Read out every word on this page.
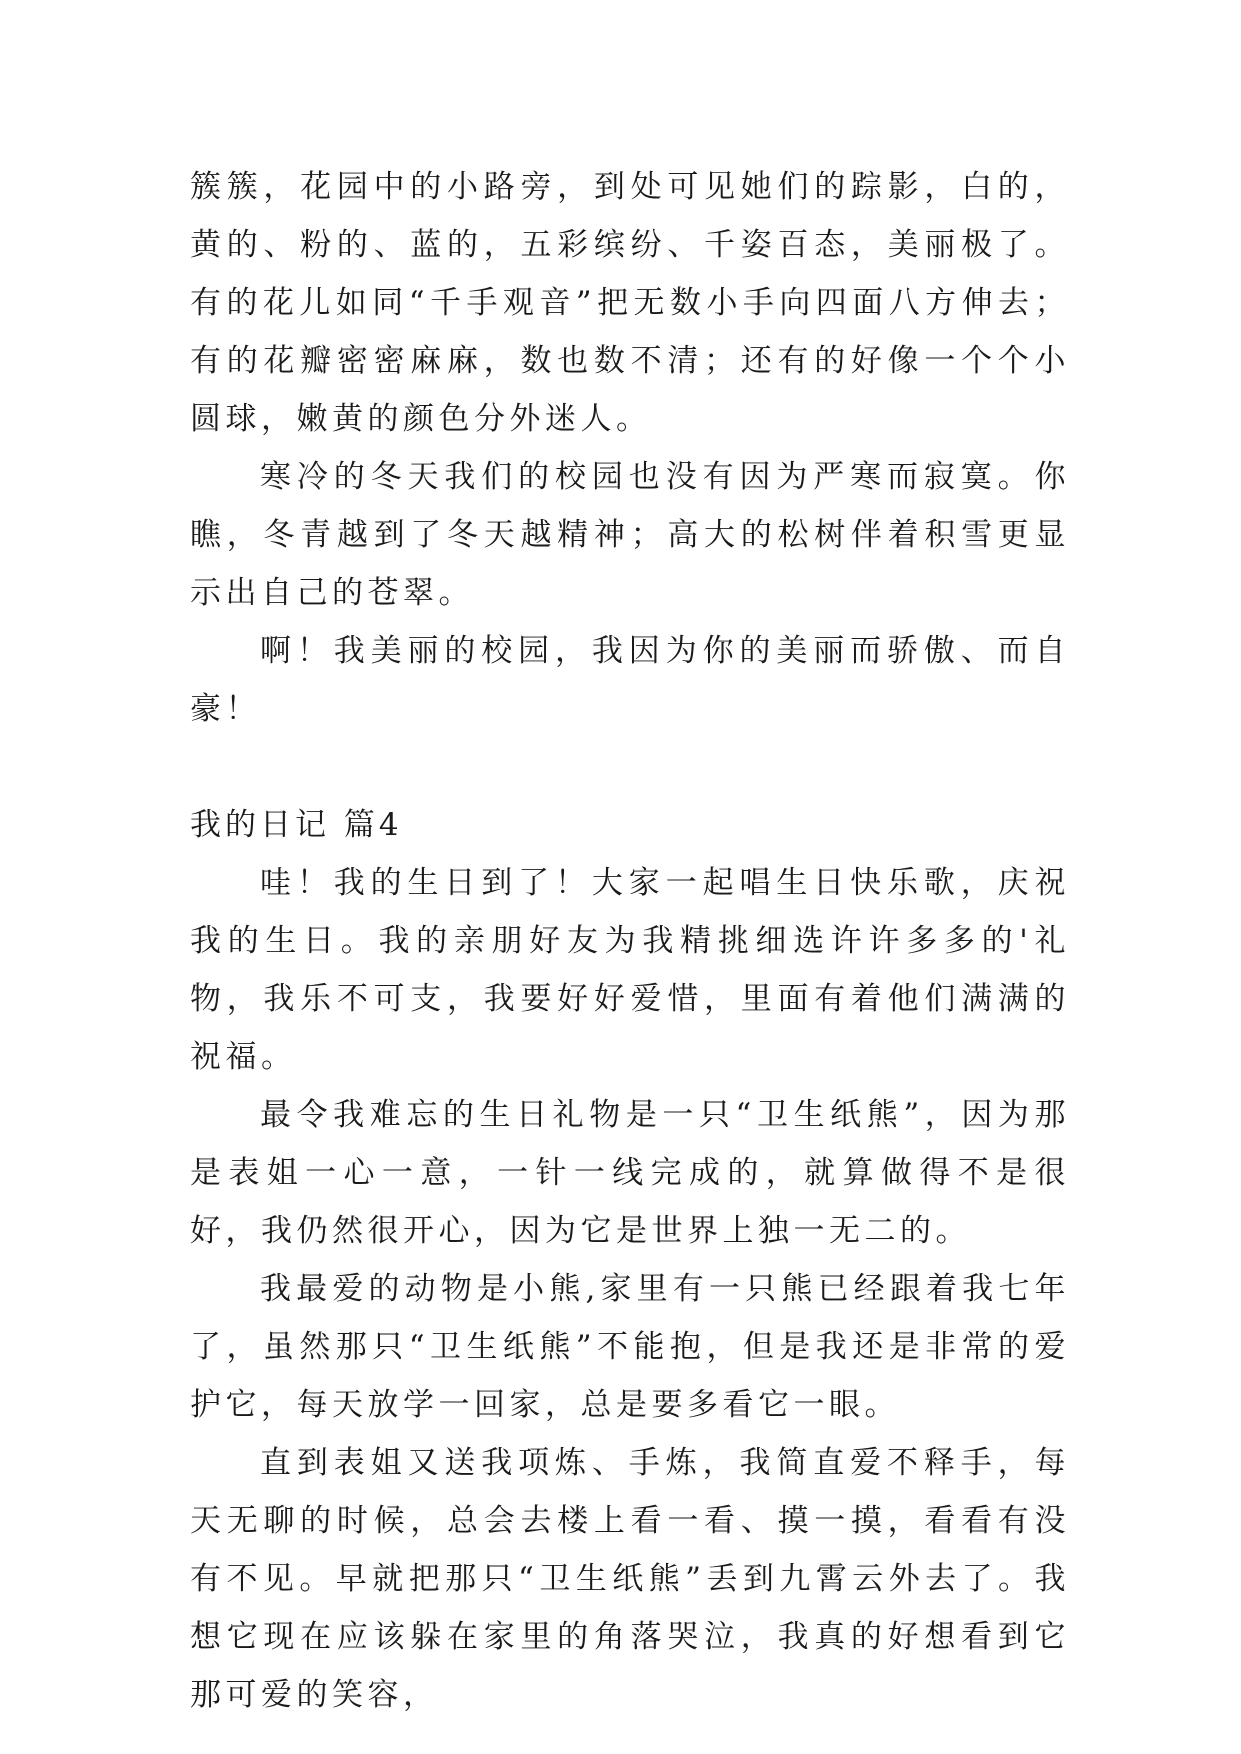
簇簇，花园中的小路旁，到处可见她们的踪影，白的，黄的、粉的、蓝的，五彩缤纷、千姿百态，美丽极了。有的花儿如同“千手观音”把无数小手向四面八方伸去；有的花瓣密密麻麻，数也数不清；还有的好像一个个小圆球，嫩黄的颜色分外迷人。

寒冷的冬天我们的校园也没有因为严寒而寂寞。你瞧，冬青越到了冬天越精神；高大的松树伴着积雪更显示出自己的苍翠。

啊！我美丽的校园，我因为你的美丽而骄傲、而自豪！

我的日记 篇4

哇！我的生日到了！大家一起唱生日快乐歌，庆祝我的生日。我的亲朋好友为我精挑细选许许多多的'礼物，我乐不可支，我要好好爱惜，里面有着他们满满的祝福。

最令我难忘的生日礼物是一只“卫生纸熊”，因为那是表姐一心一意，一针一线完成的，就算做得不是很好，我仍然很开心，因为它是世界上独一无二的。

我最爱的动物是小熊,家里有一只熊已经跟着我七年了，虽然那只“卫生纸熊”不能抱，但是我还是非常的爱护它，每天放学一回家，总是要多看它一眼。

直到表姐又送我项炼、手炼，我简直爱不释手，每天无聊的时候，总会去楼上看一看、摸一摸，看看有没有不见。早就把那只“卫生纸熊”丢到九霄云外去了。我想它现在应该躲在家里的角落哭泣，我真的好想看到它那可爱的笑容，
